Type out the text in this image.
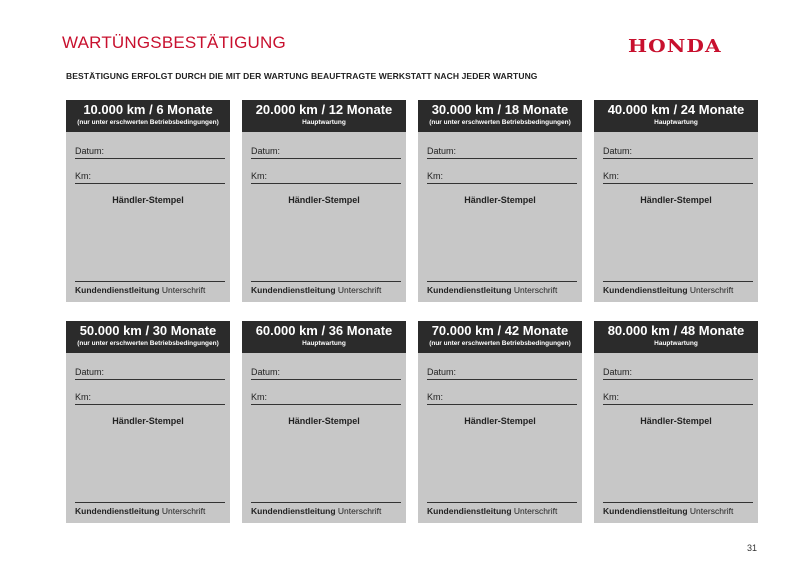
WARTÜNGSBESTÄTIGUNG	HONDA
BESTÄTIGUNG ERFOLGT DURCH DIE MIT DER WARTUNG BEAUFTRAGTE WERKSTATT NACH JEDER WARTUNG
10.000 km / 6 Monate
(nur unter erschwerten Betriebsbedingungen)
Datum:
Km:
Händler-Stempel
Kundendienstleitung Unterschrift
20.000 km / 12 Monate
Hauptwartung
Datum:
Km:
Händler-Stempel
Kundendienstleitung Unterschrift
30.000 km / 18 Monate
(nur unter erschwerten Betriebsbedingungen)
Datum:
Km:
Händler-Stempel
Kundendienstleitung Unterschrift
40.000 km / 24 Monate
Hauptwartung
Datum:
Km:
Händler-Stempel
Kundendienstleitung Unterschrift
50.000 km / 30 Monate
(nur unter erschwerten Betriebsbedingungen)
Datum:
Km:
Händler-Stempel
Kundendienstleitung Unterschrift
60.000 km / 36 Monate
Hauptwartung
Datum:
Km:
Händler-Stempel
Kundendienstleitung Unterschrift
70.000 km / 42 Monate
(nur unter erschwerten Betriebsbedingungen)
Datum:
Km:
Händler-Stempel
Kundendienstleitung Unterschrift
80.000 km / 48 Monate
Hauptwartung
Datum:
Km:
Händler-Stempel
Kundendienstleitung Unterschrift
31
